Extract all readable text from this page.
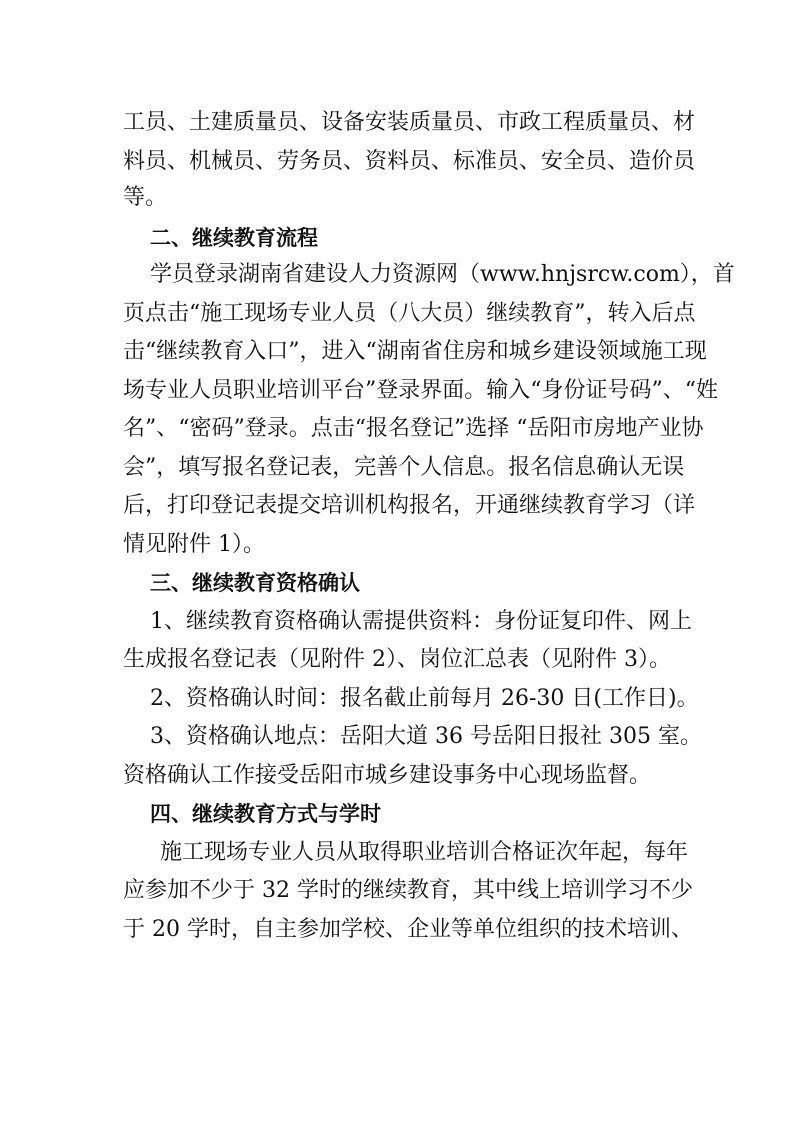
工员、土建质量员、设备安装质量员、市政工程质量员、材
料员、机械员、劳务员、资料员、标准员、安全员、造价员
等。
二、继续教育流程
学员登录湖南省建设人力资源网（www.hnjsrcw.com），首
页点击“施工现场专业人员（八大员）继续教育”，转入后点
击“继续教育入口”，进入“湖南省住房和城乡建设领域施工现
场专业人员职业培训平台”登录界面。输入“身份证号码”、“姓
名”、“密码”登录。点击“报名登记”选择 “岳阳市房地产业协
会”，填写报名登记表，完善个人信息。报名信息确认无误
后，打印登记表提交培训机构报名，开通继续教育学习（详
情见附件 1）。
三、继续教育资格确认
1、继续教育资格确认需提供资料：身份证复印件、网上
生成报名登记表（见附件 2）、岗位汇总表（见附件 3）。
2、资格确认时间：报名截止前每月 26-30 日(工作日)。
3、资格确认地点：岳阳大道 36 号岳阳日报社 305 室。
资格确认工作接受岳阳市城乡建设事务中心现场监督。
四、继续教育方式与学时
施工现场专业人员从取得职业培训合格证次年起，每年
应参加不少于 32 学时的继续教育，其中线上培训学习不少
于 20 学时，自主参加学校、企业等单位组织的技术培训、
